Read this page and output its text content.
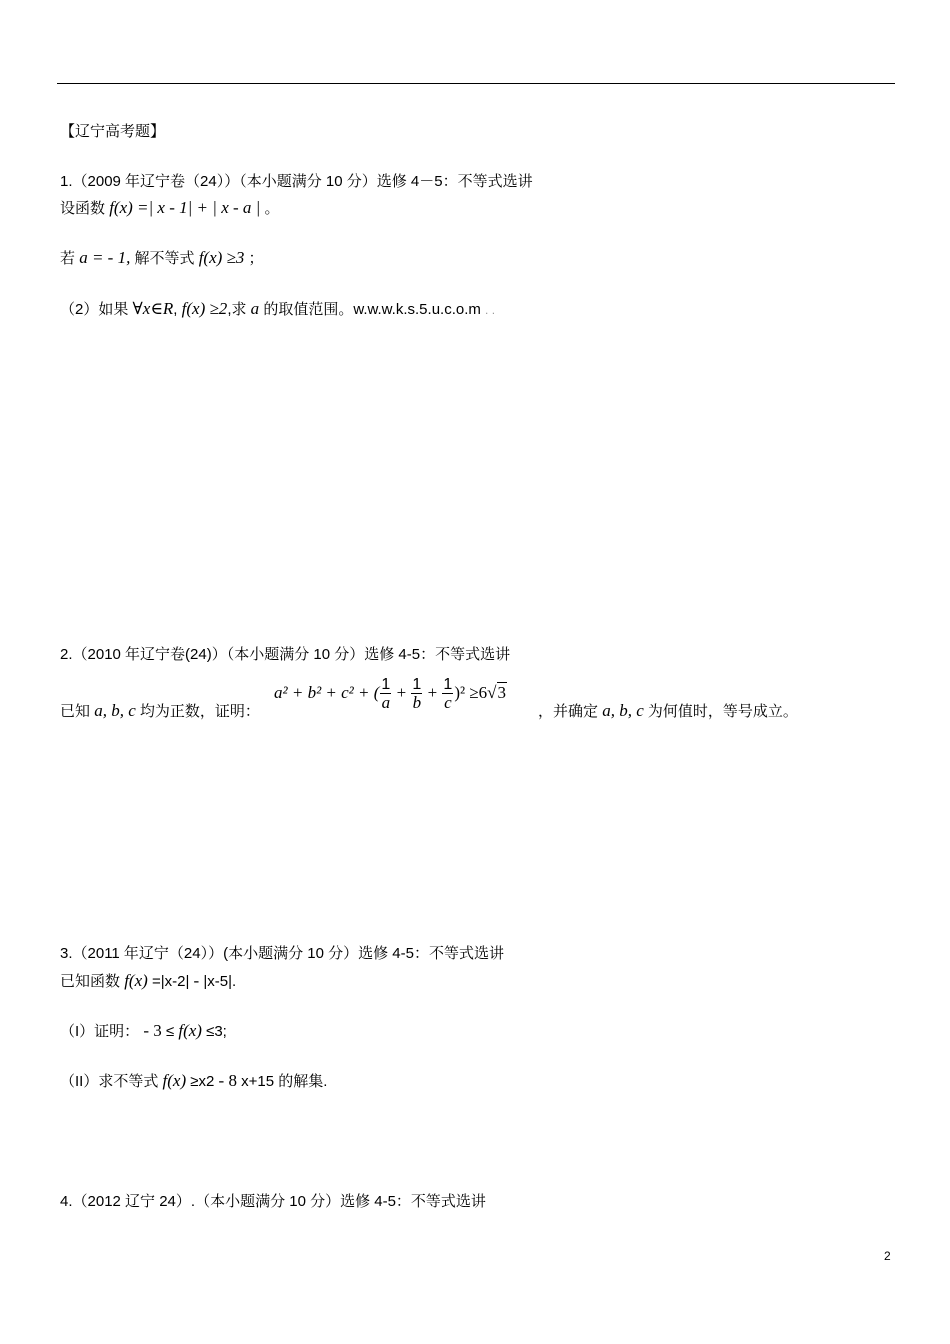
【辽宁高考题】
1.（2009 年辽宁卷（24））（本小题满分 10 分）选修 4－5：不等式选讲
设函数 f(x) =| x - 1| + | x - a | 。
若 a = - 1, 解不等式 f(x) ≥3 ；
（2）如果 ∀x∈R, f(x) ≥2,求 a 的取值范围。w.w.w.k.s.5.u.c.o.m . .
2.（2010 年辽宁卷(24)）（本小题满分 10 分）选修 4-5：不等式选讲
已知 a, b, c 均为正数，证明：
a² + b² + c² + ( $\frac{1}{a} + \frac{1}{b} + \frac{1}{c} )^2 \ge 6√3$
，并确定 a, b, c 为何值时，等号成立。
3.（2011 年辽宁（24））(本小题满分 10 分）选修 4-5：不等式选讲
已知函数 f(x) =|x-2| - |x-5|.
（I）证明： - 3 ≤ f(x) ≤3;
（II）求不等式 f(x) ≥x2 - 8 x+15 的解集.
4.（2012 辽宁 24）.（本小题满分 10 分）选修 4-5：不等式选讲
2
